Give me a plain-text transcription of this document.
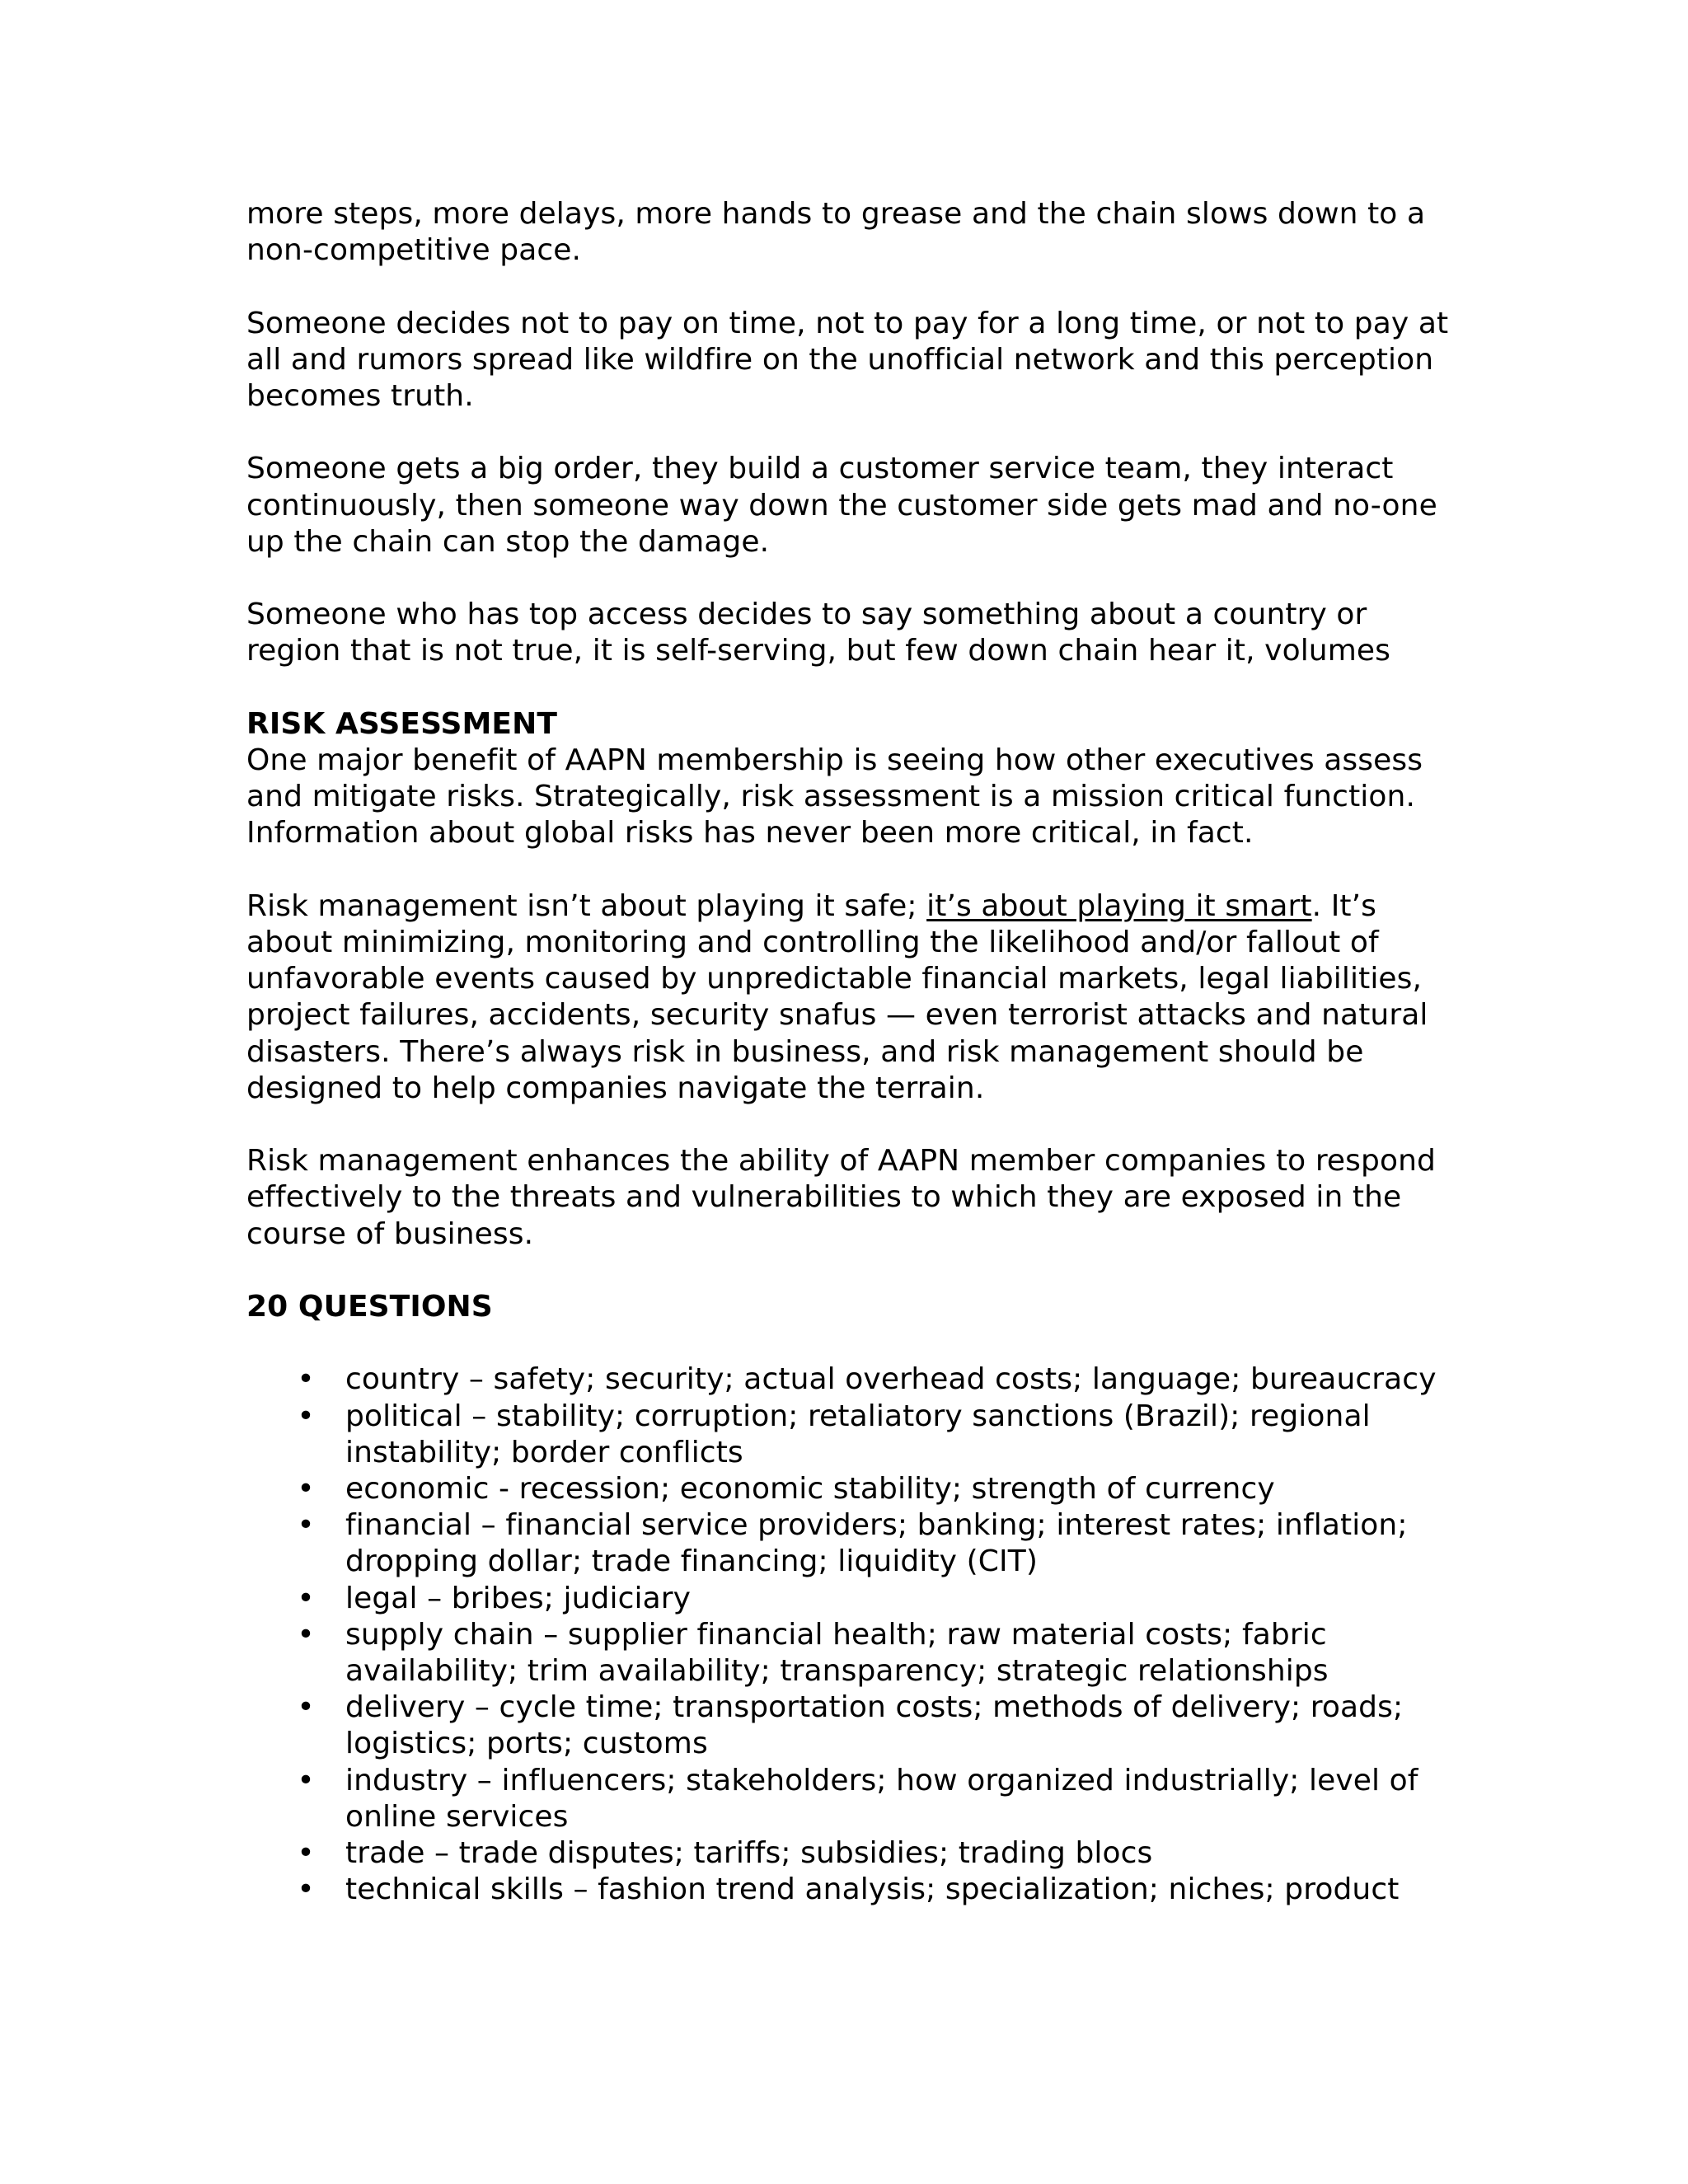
more steps, more delays, more hands to grease and the chain slows down to a non-competitive pace.

Someone decides not to pay on time, not to pay for a long time, or not to pay at all and rumors spread like wildfire on the unofficial network and this perception becomes truth.

Someone gets a big order, they build a customer service team, they interact continuously, then someone way down the customer side gets mad and no-one up the chain can stop the damage.

Someone who has top access decides to say something about a country or region that is not true, it is self-serving, but few down chain hear it, volumes

RISK ASSESSMENT

One major benefit of AAPN membership is seeing how other executives assess and mitigate risks. Strategically, risk assessment is a mission critical function. Information about global risks has never been more critical, in fact.

Risk management isn’t about playing it safe; it’s about playing it smart. It’s about minimizing, monitoring and controlling the likelihood and/or fallout of unfavorable events caused by unpredictable financial markets, legal liabilities, project failures, accidents, security snafus — even terrorist attacks and natural disasters. There’s always risk in business, and risk management should be designed to help companies navigate the terrain.

Risk management enhances the ability of AAPN member companies to respond effectively to the threats and vulnerabilities to which they are exposed in the course of business.

20 QUESTIONS
• country – safety; security; actual overhead costs; language; bureaucracy
• political – stability; corruption; retaliatory sanctions (Brazil); regional instability; border conflicts
• economic - recession; economic stability; strength of currency
• financial – financial service providers; banking; interest rates; inflation; dropping dollar; trade financing; liquidity (CIT)
• legal – bribes; judiciary
• supply chain – supplier financial health; raw material costs; fabric availability; trim availability; transparency; strategic relationships
• delivery – cycle time; transportation costs; methods of delivery; roads; logistics; ports; customs
• industry – influencers; stakeholders; how organized industrially; level of online services
• trade – trade disputes; tariffs; subsidies; trading blocs
• technical skills – fashion trend analysis; specialization; niches; product
